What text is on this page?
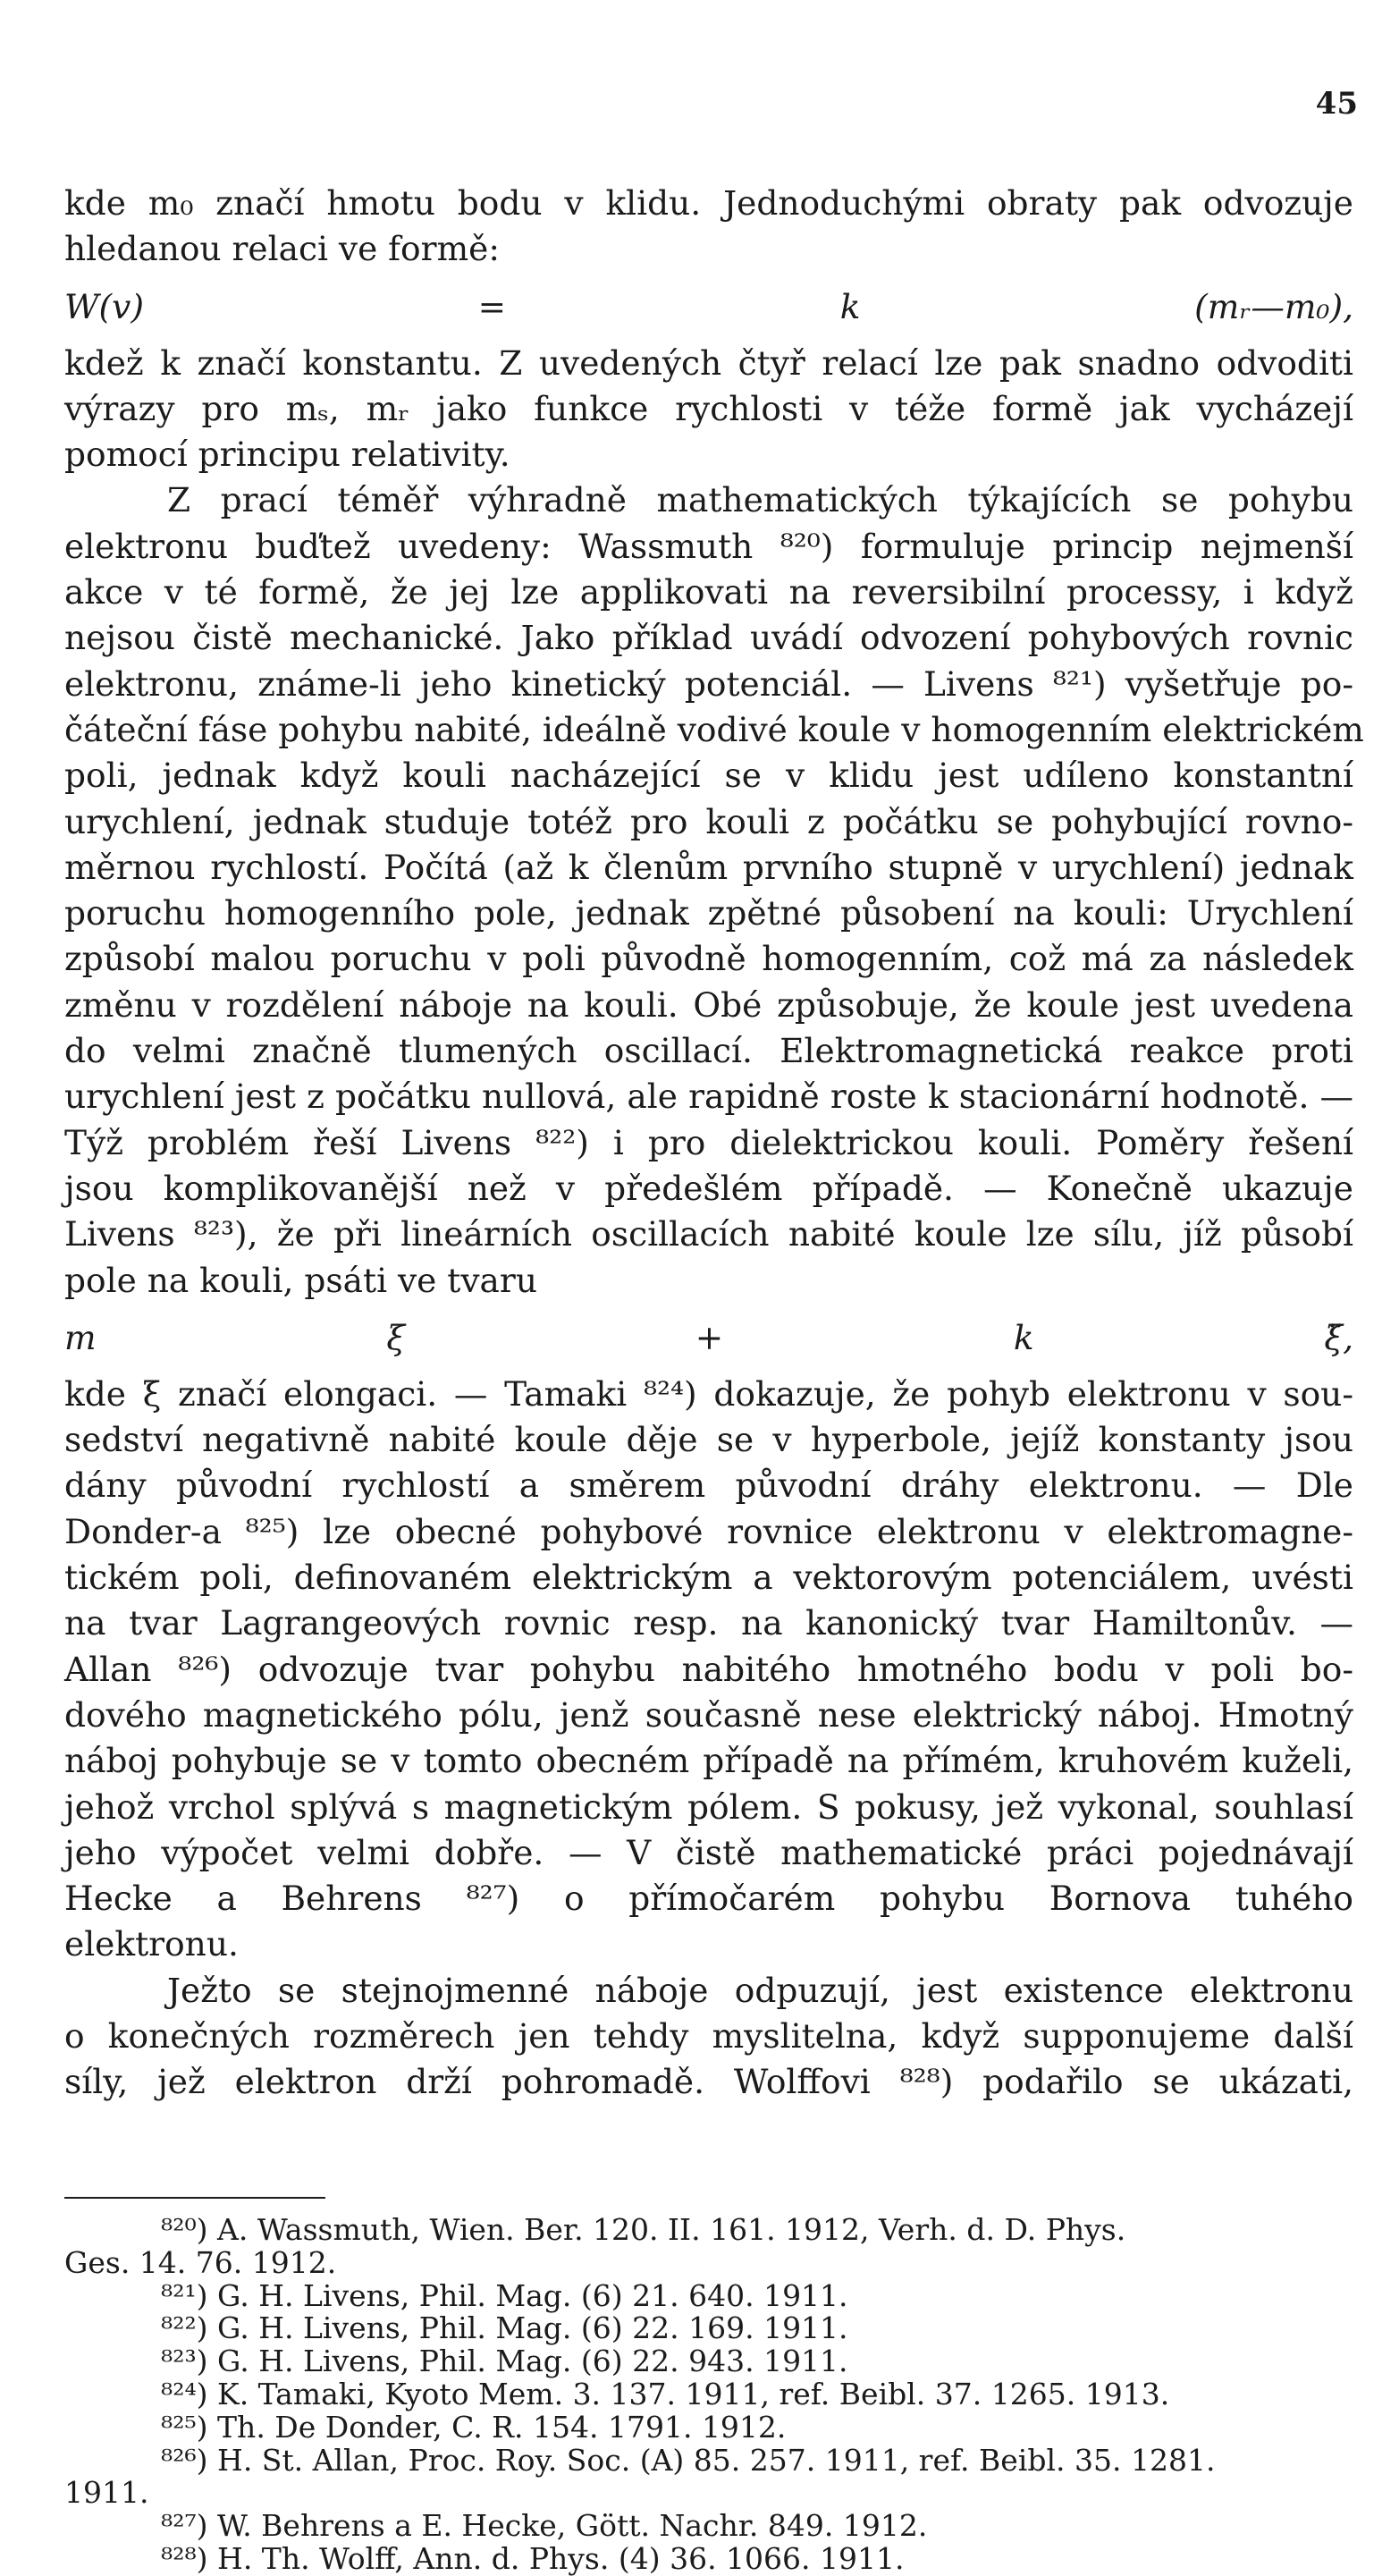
45
kde m₀ značí hmotu bodu v klidu. Jednoduchými obraty pak odvozuje
hledanou relaci ve formě:
W(v) = k (mᵣ—m₀),
kdež k značí konstantu. Z uvedených čtyř relací lze pak snadno odvoditi
výrazy pro mₛ, mᵣ jako funkce rychlosti v téže formě jak vycházejí
pomocí principu relativity.
Z prací téměř výhradně mathematických týkajících se pohybu
elektronu buďtež uvedeny: Wassmuth ⁸²⁰) formuluje princip nejmenší
akce v té formě, že jej lze applikovati na reversibilní processy, i když
nejsou čistě mechanické. Jako příklad uvádí odvození pohybových rovnic
elektronu, známe-li jeho kinetický potenciál. — Livens ⁸²¹) vyšetřuje po-
čáteční fáse pohybu nabité, ideálně vodivé koule v homogenním elektrickém
poli, jednak když kouli nacházející se v klidu jest udíleno konstantní
urychlení, jednak studuje totéž pro kouli z počátku se pohybující rovno-
měrnou rychlostí. Počítá (až k členům prvního stupně v urychlení) jednak
poruchu homogenního pole, jednak zpětné působení na kouli: Urychlení
způsobí malou poruchu v poli původně homogenním, což má za následek
změnu v rozdělení náboje na kouli. Obé způsobuje, že koule jest uvedena
do velmi značně tlumených oscillací. Elektromagnetická reakce proti
urychlení jest z počátku nullová, ale rapidně roste k stacionární hodnotě. —
Týž problém řeší Livens ⁸²²) i pro dielektrickou kouli. Poměry řešení
jsou komplikovanější než v předešlém případě. — Konečně ukazuje
Livens ⁸²³), že při lineárních oscillacích nabité koule lze sílu, jíž působí
pole na kouli, psáti ve tvaru
m ξ + k ξ̈,
kde ξ značí elongaci. — Tamaki ⁸²⁴) dokazuje, že pohyb elektronu v sou-
sedství negativně nabité koule děje se v hyperbole, jejíž konstanty jsou
dány původní rychlostí a směrem původní dráhy elektronu. — Dle
Donder-a ⁸²⁵) lze obecné pohybové rovnice elektronu v elektromagne-
tickém poli, definovaném elektrickým a vektorovým potenciálem, uvésti
na tvar Lagrangeových rovnic resp. na kanonický tvar Hamiltonův. —
Allan ⁸²⁶) odvozuje tvar pohybu nabitého hmotného bodu v poli bo-
dového magnetického pólu, jenž současně nese elektrický náboj. Hmotný
náboj pohybuje se v tomto obecném případě na přímém, kruhovém kuželi,
jehož vrchol splývá s magnetickým pólem. S pokusy, jež vykonal, souhlasí
jeho výpočet velmi dobře. — V čistě mathematické práci pojednávají
Hecke a Behrens ⁸²⁷) o přímočarém pohybu Bornova tuhého
elektronu.
Ježto se stejnojmenné náboje odpuzují, jest existence elektronu
o konečných rozměrech jen tehdy myslitelna, když supponujeme další
síly, jež elektron drží pohromadě. Wolffovi ⁸²⁸) podařilo se ukázati,
⁸²⁰) A. Wassmuth, Wien. Ber. 120. II. 161. 1912, Verh. d. D. Phys.
Ges. 14. 76. 1912.
⁸²¹) G. H. Livens, Phil. Mag. (6) 21. 640. 1911.
⁸²²) G. H. Livens, Phil. Mag. (6) 22. 169. 1911.
⁸²³) G. H. Livens, Phil. Mag. (6) 22. 943. 1911.
⁸²⁴) K. Tamaki, Kyoto Mem. 3. 137. 1911, ref. Beibl. 37. 1265. 1913.
⁸²⁵) Th. De Donder, C. R. 154. 1791. 1912.
⁸²⁶) H. St. Allan, Proc. Roy. Soc. (A) 85. 257. 1911, ref. Beibl. 35. 1281.
1911.
⁸²⁷) W. Behrens a E. Hecke, Gött. Nachr. 849. 1912.
⁸²⁸) H. Th. Wolff, Ann. d. Phys. (4) 36. 1066. 1911.
